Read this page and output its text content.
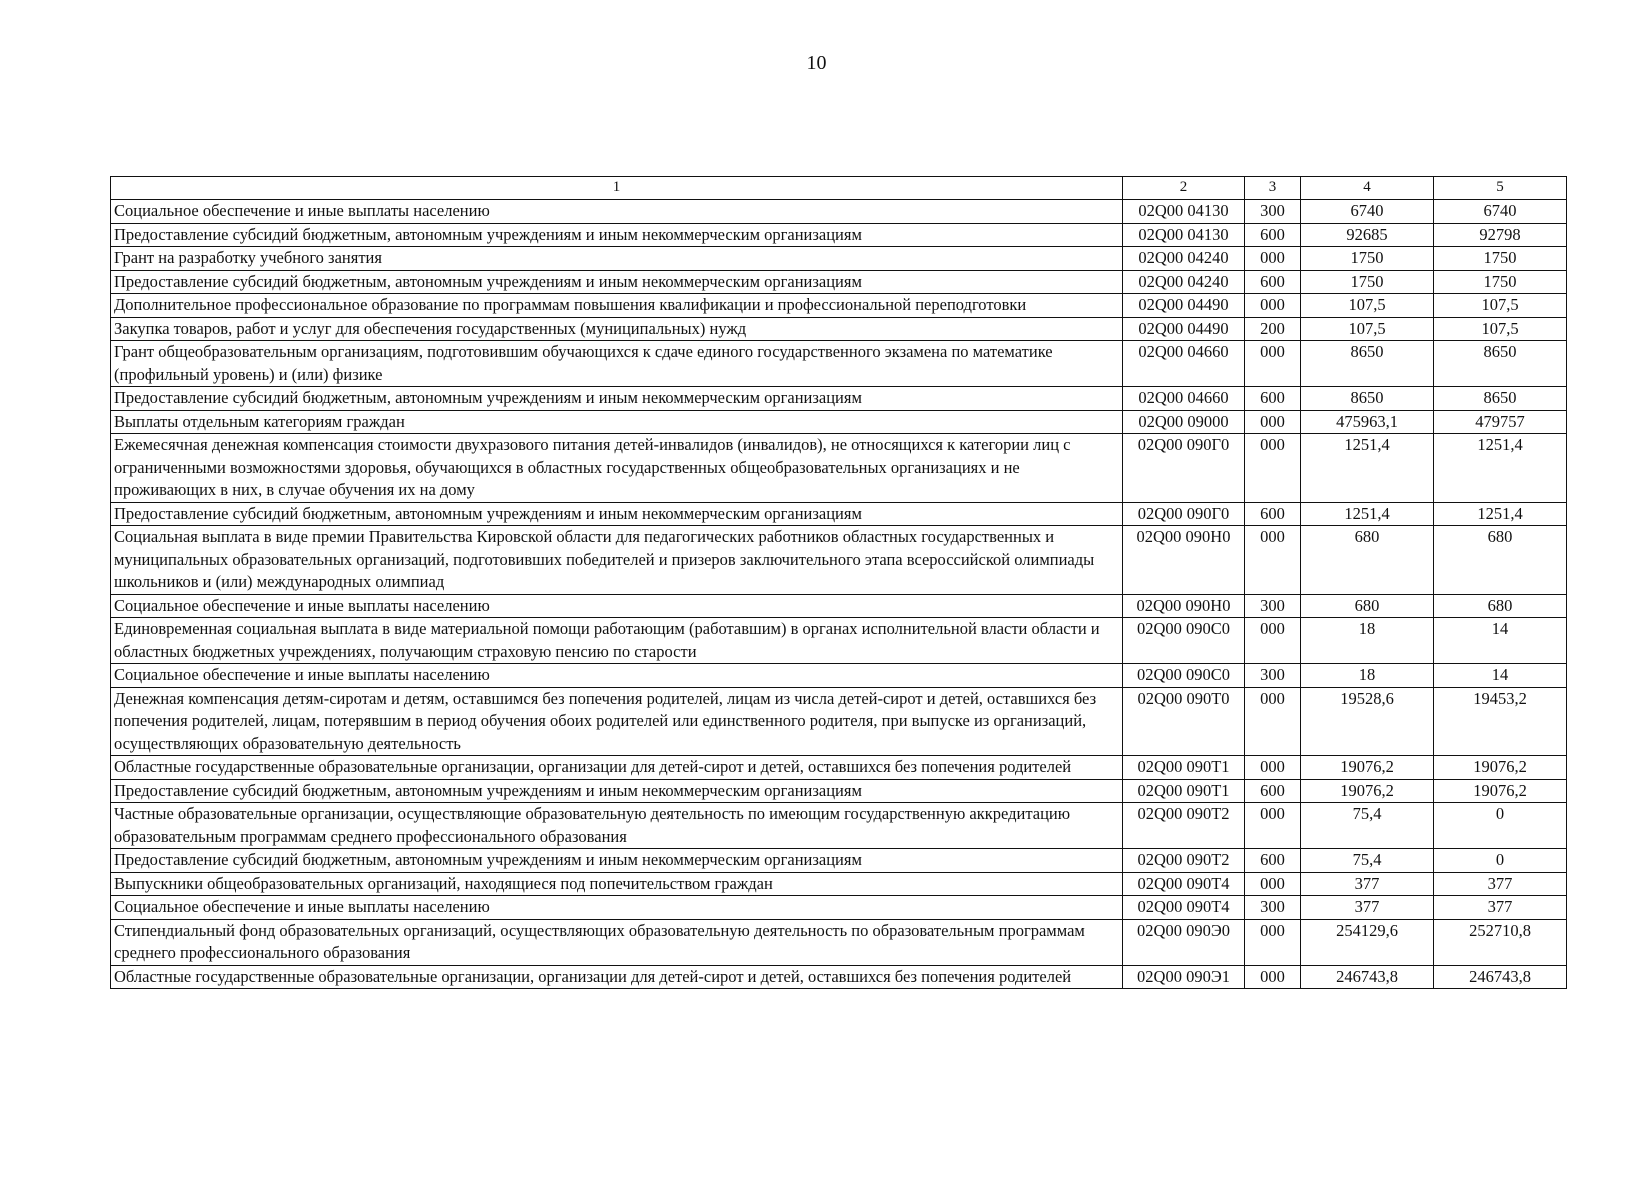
10
1	2	3	4	5
Социальное обеспечение и иные выплаты населению	02Q00 04130	300	6740	6740
Предоставление субсидий бюджетным, автономным учреждениям и иным некоммерческим организациям	02Q00 04130	600	92685	92798
Грант на разработку учебного занятия	02Q00 04240	000	1750	1750
Предоставление субсидий бюджетным, автономным учреждениям и иным некоммерческим организациям	02Q00 04240	600	1750	1750
Дополнительное профессиональное образование по программам повышения квалификации и профессиональной переподготовки	02Q00 04490	000	107,5	107,5
Закупка товаров, работ и услуг для обеспечения государственных (муниципальных) нужд	02Q00 04490	200	107,5	107,5
Грант общеобразовательным организациям, подготовившим обучающихся к сдаче единого государственного экзамена по математике (профильный уровень) и (или) физике	02Q00 04660	000	8650	8650
Предоставление субсидий бюджетным, автономным учреждениям и иным некоммерческим организациям	02Q00 04660	600	8650	8650
Выплаты отдельным категориям граждан	02Q00 09000	000	475963,1	479757
Ежемесячная денежная компенсация стоимости двухразового питания детей-инвалидов (инвалидов), не относящихся к категории лиц с ограниченными возможностями здоровья, обучающихся в областных государственных общеобразовательных организациях и не проживающих в них, в случае обучения их на дому	02Q00 090Г0	000	1251,4	1251,4
Предоставление субсидий бюджетным, автономным учреждениям и иным некоммерческим организациям	02Q00 090Г0	600	1251,4	1251,4
Социальная выплата в виде премии Правительства Кировской области для педагогических работников областных государственных и муниципальных образовательных организаций, подготовивших победителей и призеров заключительного этапа всероссийской олимпиады школьников и (или) международных олимпиад	02Q00 090Н0	000	680	680
Социальное обеспечение и иные выплаты населению	02Q00 090Н0	300	680	680
Единовременная социальная выплата в виде материальной помощи работающим (работавшим) в органах исполнительной власти области и областных бюджетных учреждениях, получающим страховую пенсию по старости	02Q00 090С0	000	18	14
Социальное обеспечение и иные выплаты населению	02Q00 090С0	300	18	14
Денежная компенсация детям-сиротам и детям, оставшимся без попечения родителей, лицам из числа детей-сирот и детей, оставшихся без попечения родителей, лицам, потерявшим в период обучения обоих родителей или единственного родителя, при выпуске из организаций, осуществляющих образовательную деятельность	02Q00 090Т0	000	19528,6	19453,2
Областные государственные образовательные организации, организации для детей-сирот и детей, оставшихся без попечения родителей	02Q00 090Т1	000	19076,2	19076,2
Предоставление субсидий бюджетным, автономным учреждениям и иным некоммерческим организациям	02Q00 090Т1	600	19076,2	19076,2
Частные образовательные организации, осуществляющие образовательную деятельность по имеющим государственную аккредитацию образовательным программам среднего профессионального образования	02Q00 090Т2	000	75,4	0
Предоставление субсидий бюджетным, автономным учреждениям и иным некоммерческим организациям	02Q00 090Т2	600	75,4	0
Выпускники общеобразовательных организаций, находящиеся под попечительством граждан	02Q00 090Т4	000	377	377
Социальное обеспечение и иные выплаты населению	02Q00 090Т4	300	377	377
Стипендиальный фонд образовательных организаций, осуществляющих образовательную деятельность по образовательным программам среднего профессионального образования	02Q00 090Э0	000	254129,6	252710,8
Областные государственные образовательные организации, организации для детей-сирот и детей, оставшихся без попечения родителей	02Q00 090Э1	000	246743,8	246743,8
